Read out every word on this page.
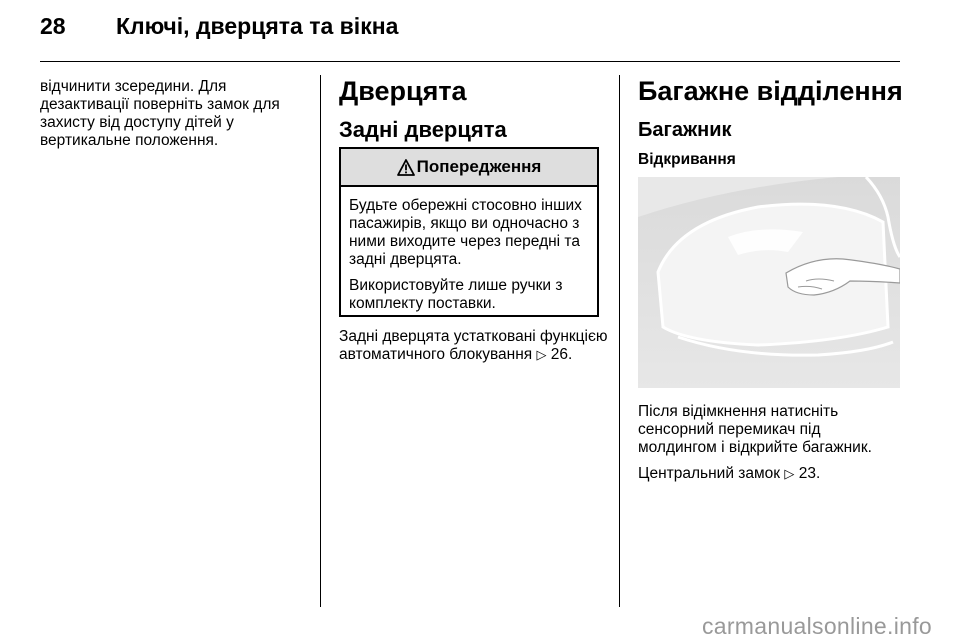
28 Ключі, дверцята та вікна
відчинити зсередини. Для дезактивації поверніть замок для захисту від доступу дітей у вертикальне положення.
Дверцята
Задні дверцята
Попередження

Будьте обережні стосовно інших пасажирів, якщо ви одночасно з ними виходите через передні та задні дверцята.

Використовуйте лише ручки з комплекту поставки.

Задні дверцята устатковані функцією автоматичного блокування ▷ 26.
Багажне відділення
Багажник
Відкривання
Після відімкнення натисніть сенсорний перемикач під молдингом і відкрийте багажник.
Центральний замок ▷ 23.
carmanualsonline.info
